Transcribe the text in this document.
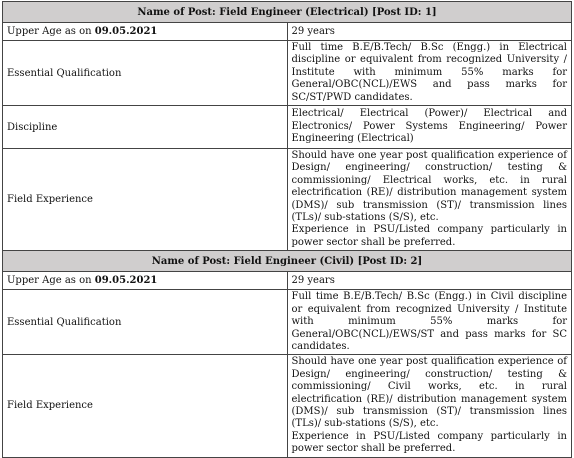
Name of Post: Field Engineer (Electrical) [Post ID: 1]	
Upper Age as on 09.05.2021	29 years
Essential Qualification	Full time B.E/B.Tech/ B.Sc (Engg.) in Electrical discipline or equivalent from recognized University / Institute with minimum 55% marks for General/OBC(NCL)/EWS and pass marks for SC/ST/PWD candidates.
Discipline	Electrical/ Electrical (Power)/ Electrical and Electronics/ Power Systems Engineering/ Power Engineering (Electrical)
Field Experience	Should have one year post qualification experience of Design/ engineering/ construction/ testing & commissioning/ Electrical works, etc. in rural electrification (RE)/ distribution management system (DMS)/ sub transmission (ST)/ transmission lines (TLs)/ sub-stations (S/S), etc.

Experience in PSU/Listed company particularly in power sector shall be preferred.

Name of Post: Field Engineer (Civil) [Post ID: 2]	
Upper Age as on 09.05.2021	29 years
Essential Qualification	Full time B.E/B.Tech/ B.Sc (Engg.) in Civil discipline or equivalent from recognized University / Institute with minimum 55% marks for General/OBC(NCL)/EWS/ST and pass marks for SC candidates.
Field Experience	Should have one year post qualification experience of Design/ engineering/ construction/ testing & commissioning/ Civil works, etc. in rural electrification (RE)/ distribution management system (DMS)/ sub transmission (ST)/ transmission lines (TLs)/ sub-stations (S/S), etc.

Experience in PSU/Listed company particularly in power sector shall be preferred.
